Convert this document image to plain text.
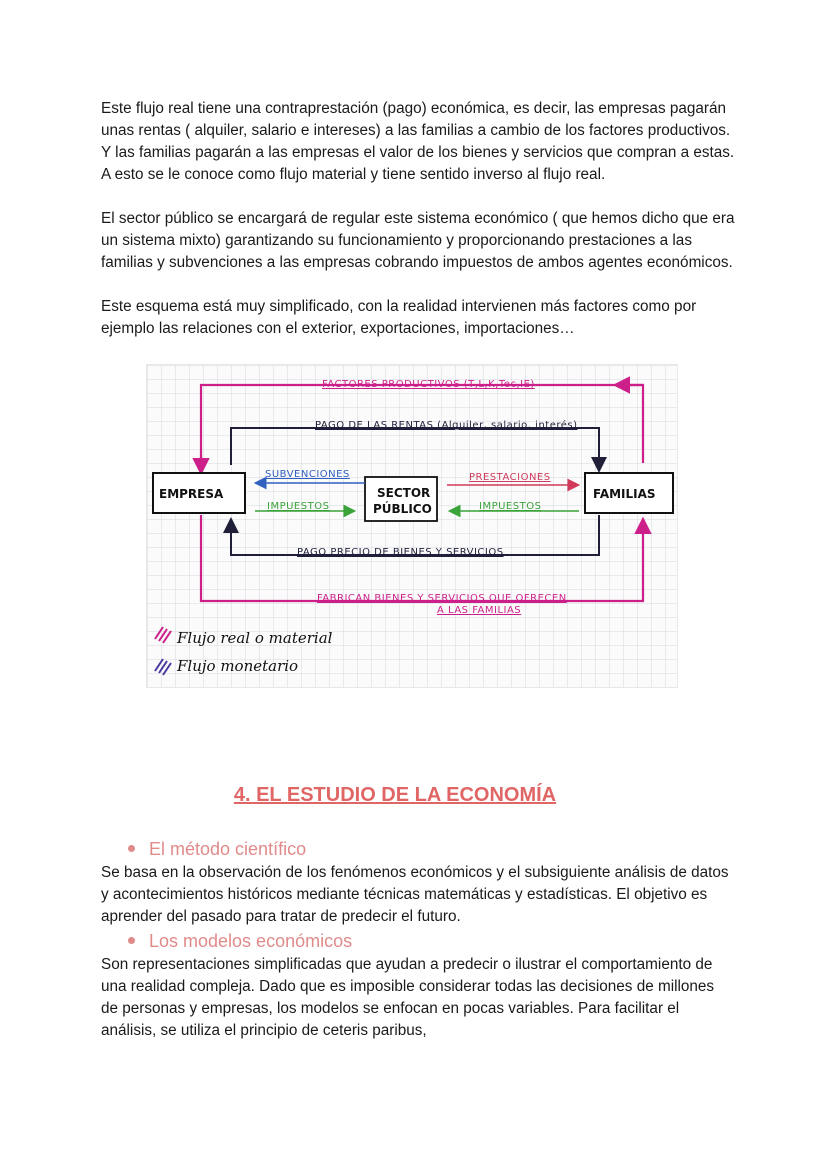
Este flujo real tiene una contraprestación (pago) económica, es decir, las empresas pagarán unas rentas ( alquiler, salario e intereses) a las familias a cambio de los factores productivos. Y las familias pagarán a las empresas el valor de los bienes y servicios que compran a estas. A esto se le conoce como flujo material y tiene sentido inverso al flujo real.

El sector público se encargará de regular este sistema económico ( que hemos dicho que era un sistema mixto) garantizando su funcionamiento y proporcionando prestaciones a las familias y subvenciones a las empresas cobrando impuestos de ambos agentes económicos.

Este esquema está muy simplificado, con la realidad intervienen más factores como por ejemplo las relaciones con el exterior, exportaciones, importaciones…

FACTORES PRODUCTIVOS (T,L,K,Tec,IE)
PAGO DE LAS RENTAS (Alquiler, salario, interés)
EMPRESA	SECTOR
PÚBLICO
FAMILIAS
SUBVENCIONES
IMPUESTOS
PRESTACIONES
IMPUESTOS
PAGO PRECIO DE BIENES Y SERVICIOS
FABRICAN BIENES Y SERVICIOS QUE OFRECEN
A LAS FAMILIAS
Flujo real o material
Flujo monetario
4. EL ESTUDIO DE LA ECONOMÍA

El método científico

Se basa en la observación de los fenómenos económicos y el subsiguiente análisis de datos y acontecimientos históricos mediante técnicas matemáticas y estadísticas. El objetivo es aprender del pasado para tratar de predecir el futuro.

Los modelos económicos

Son representaciones simplificadas que ayudan a predecir o ilustrar el comportamiento de una realidad compleja. Dado que es imposible considerar todas las decisiones de millones de personas y empresas, los modelos se enfocan en pocas variables. Para facilitar el análisis, se utiliza el principio de ceteris paribus,
